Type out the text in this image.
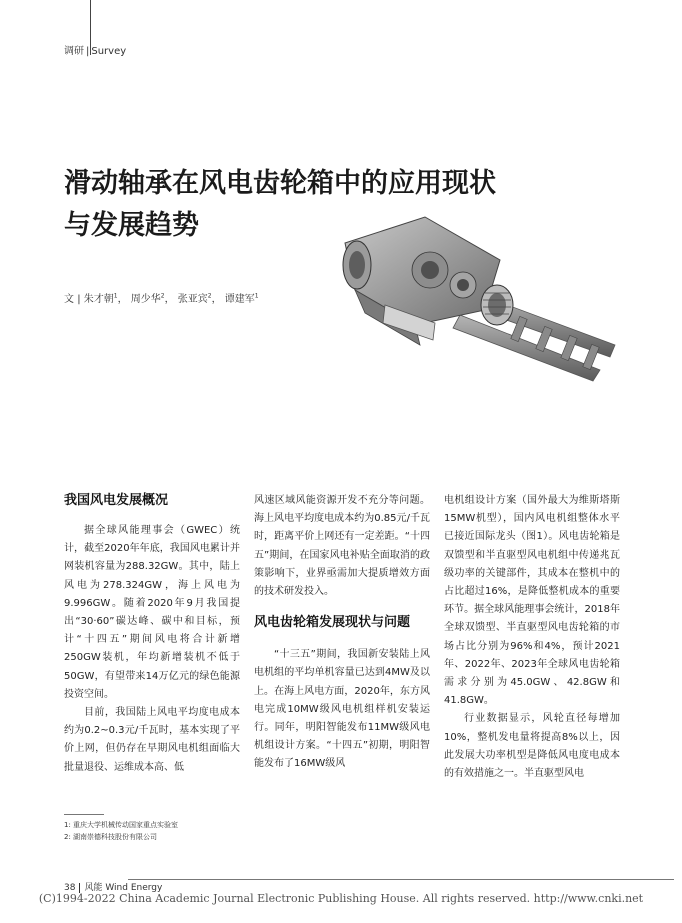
调研 | Survey
滑动轴承在风电齿轮箱中的应用现状
与发展趋势
文 | 朱才朝$^1$， 周少华$^2$， 张亚宾$^2$， 谭建军$^1$
我国风电发展概况

据全球风能理事会（GWEC）统计，截至2020年年底，我国风电累计并网装机容量为288.32GW。其中，陆上风电为278.324GW，海上风电为9.996GW。随着2020年9月我国提出“30·60”碳达峰、碳中和目标，预计“十四五”期间风电将合计新增250GW装机，年均新增装机不低于50GW，有望带来14万亿元的绿色能源投资空间。

目前，我国陆上风电平均度电成本约为0.2~0.3元/千瓦时，基本实现了平价上网，但仍存在早期风电机组面临大批量退役、运维成本高、低

风速区域风能资源开发不充分等问题。海上风电平均度电成本约为0.85元/千瓦时，距离平价上网还有一定差距。“十四五”期间，在国家风电补贴全面取消的政策影响下，业界亟需加大提质增效方面的技术研发投入。

风电齿轮箱发展现状与问题

“十三五”期间，我国新安装陆上风电机组的平均单机容量已达到4MW及以上。在海上风电方面，2020年，东方风电完成10MW级风电机组样机安装运行。同年，明阳智能发布11MW级风电机组设计方案。“十四五”初期，明阳智能发布了16MW级风

电机组设计方案（国外最大为维斯塔斯15MW机型），国内风电机组整体水平已接近国际龙头（图1）。风电齿轮箱是双馈型和半直驱型风电机组中传递兆瓦级功率的关键部件，其成本在整机中的占比超过16%，是降低整机成本的重要环节。据全球风能理事会统计，2018年全球双馈型、半直驱型风电齿轮箱的市场占比分别为96%和4%，预计2021年、2022年、2023年全球风电齿轮箱需求分别为45.0GW、42.8GW和41.8GW。

行业数据显示，风轮直径每增加10%，整机发电量将提高8%以上，因此发展大功率机型是降低风电度电成本的有效措施之一。半直驱型风电

1: 重庆大学机械传动国家重点实验室
2: 湖南崇德科技股份有限公司
38 风能 Wind Energy
(C)1994-2022 China Academic Journal Electronic Publishing House. All rights reserved. http://www.cnki.net
